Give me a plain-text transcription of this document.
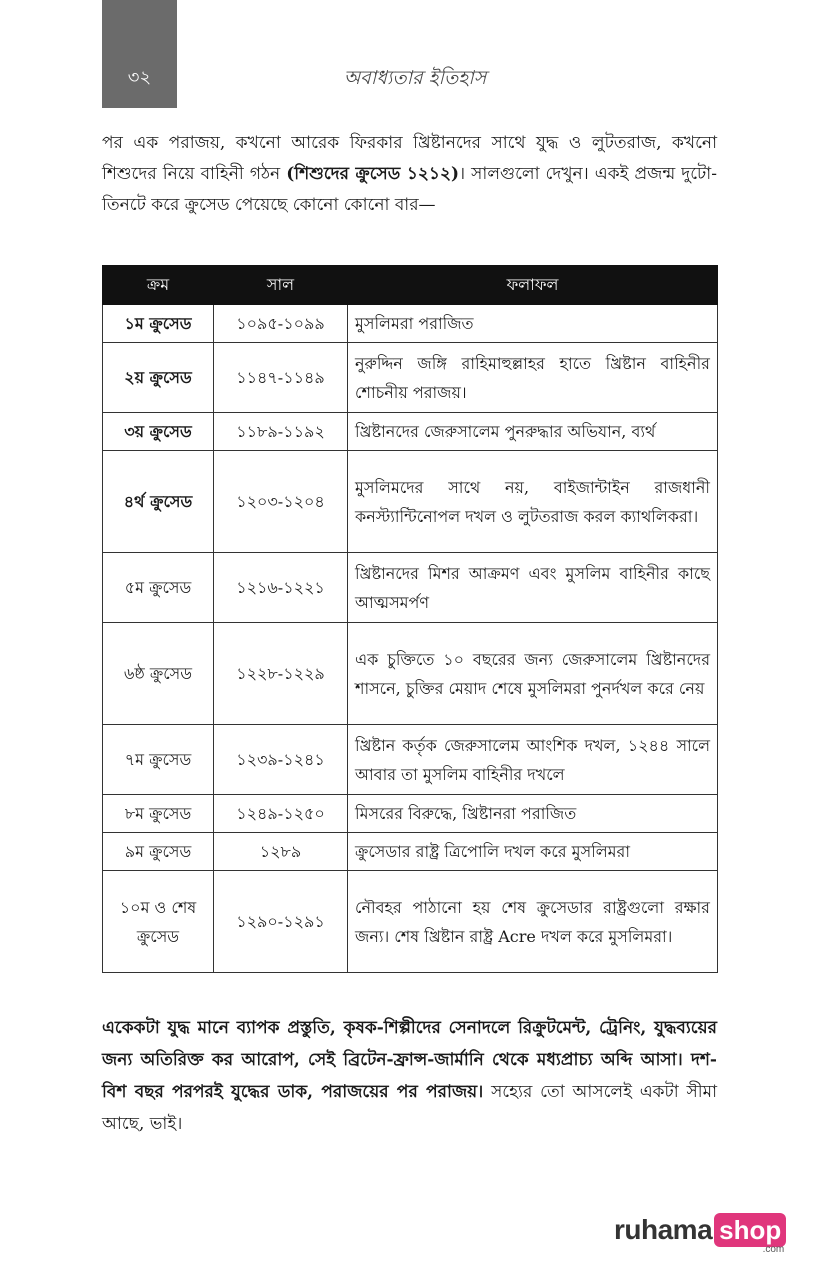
৩২	অবাধ্যতার ইতিহাস

পর এক পরাজয়, কখনো আরেক ফিরকার খ্রিষ্টানদের সাথে যুদ্ধ ও লুটতরাজ, কখনো শিশুদের নিয়ে বাহিনী গঠন (শিশুদের ক্রুসেড ১২১২)। সালগুলো দেখুন। একই প্রজন্ম দুটো-তিনটে করে ক্রুসেড পেয়েছে কোনো কোনো বার—

ক্রম	সাল	ফলাফল
১ম ক্রুসেড	১০৯৫-১০৯৯	মুসলিমরা পরাজিত
২য় ক্রুসেড	১১৪৭-১১৪৯	নুরুদ্দিন জঙ্গি রাহিমাহুল্লাহর হাতে খ্রিষ্টান বাহিনীর শোচনীয় পরাজয়।
৩য় ক্রুসেড	১১৮৯-১১৯২	খ্রিষ্টানদের জেরুসালেম পুনরুদ্ধার অভিযান, ব্যর্থ
৪র্থ ক্রুসেড	১২০৩-১২০৪	মুসলিমদের সাথে নয়, বাইজান্টাইন রাজধানী কনস্ট্যান্টিনোপল দখল ও লুটতরাজ করল ক্যাথলিকরা।
৫ম ক্রুসেড	১২১৬-১২২১	খ্রিষ্টানদের মিশর আক্রমণ এবং মুসলিম বাহিনীর কাছে আত্মসমর্পণ
৬ষ্ঠ ক্রুসেড	১২২৮-১২২৯	এক চুক্তিতে ১০ বছরের জন্য জেরুসালেম খ্রিষ্টানদের শাসনে, চুক্তির মেয়াদ শেষে মুসলিমরা পুনর্দখল করে নেয়
৭ম ক্রুসেড	১২৩৯-১২৪১	খ্রিষ্টান কর্তৃক জেরুসালেম আংশিক দখল, ১২৪৪ সালে আবার তা মুসলিম বাহিনীর দখলে
৮ম ক্রুসেড	১২৪৯-১২৫০	মিসরের বিরুদ্ধে, খ্রিষ্টানরা পরাজিত
৯ম ক্রুসেড	১২৮৯	ক্রুসেডার রাষ্ট্র ত্রিপোলি দখল করে মুসলিমরা
১০ম ও শেষ ক্রুসেড	১২৯০-১২৯১	নৌবহর পাঠানো হয় শেষ ক্রুসেডার রাষ্ট্রগুলো রক্ষার জন্য। শেষ খ্রিষ্টান রাষ্ট্র Acre দখল করে মুসলিমরা।

একেকটা যুদ্ধ মানে ব্যাপক প্রস্তুতি, কৃষক-শিল্পীদের সেনাদলে রিক্রুটমেন্ট, ট্রেনিং, যুদ্ধব্যয়ের জন্য অতিরিক্ত কর আরোপ, সেই ব্রিটেন-ফ্রান্স-জার্মানি থেকে মধ্যপ্রাচ্য অব্দি আসা। দশ-বিশ বছর পরপরই যুদ্ধের ডাক, পরাজয়ের পর পরাজয়। সহ্যের তো আসলেই একটা সীমা আছে, ভাই।

ruhama shop
.com
